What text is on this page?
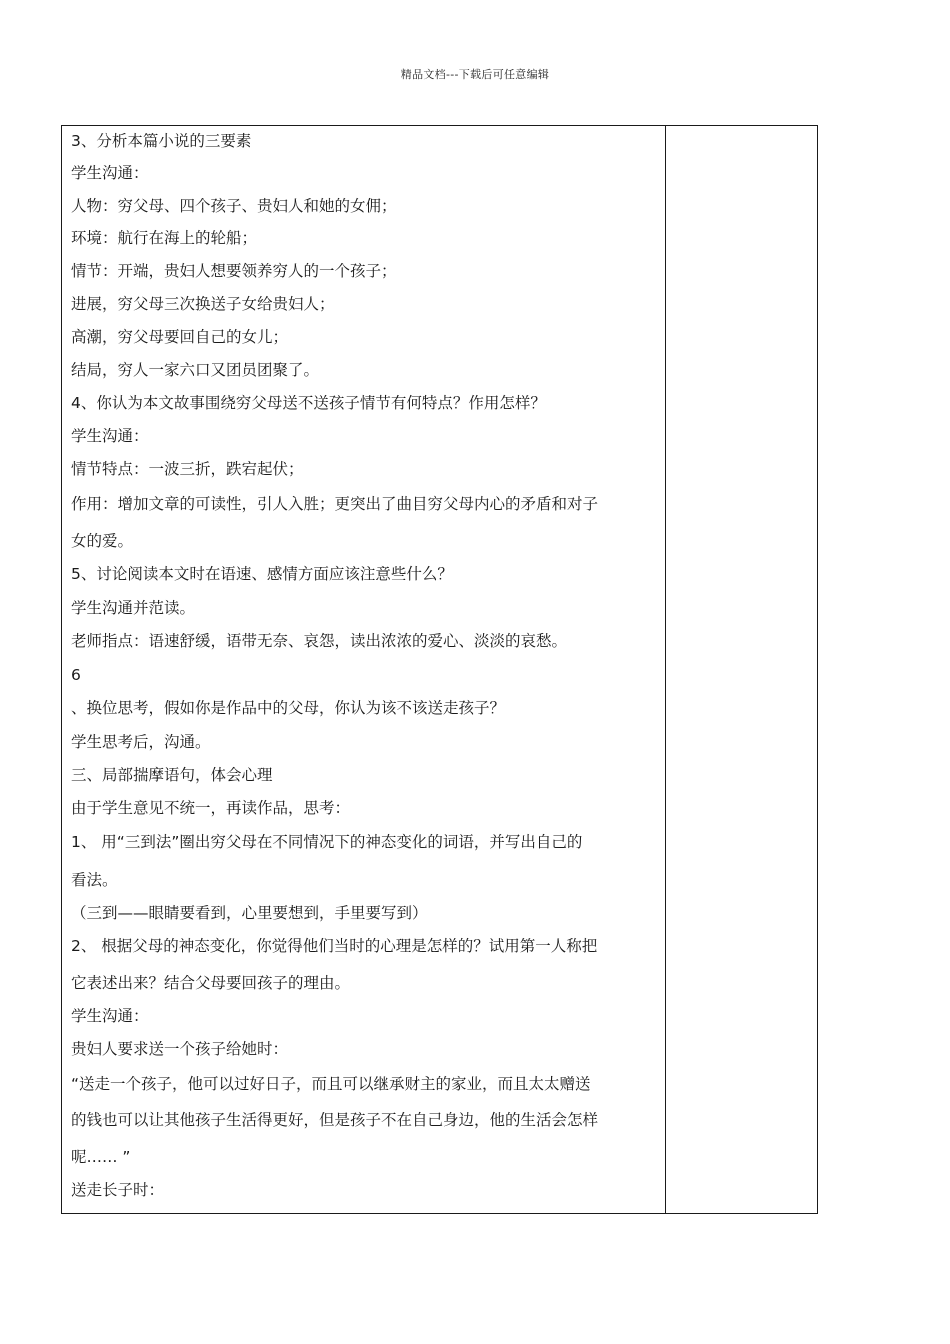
精品文档---下载后可任意编辑
3、分析本篇小说的三要素
学生沟通：
人物：穷父母、四个孩子、贵妇人和她的女佣；
环境：航行在海上的轮船；
情节：开端，贵妇人想要领养穷人的一个孩子；
进展，穷父母三次换送子女给贵妇人；
高潮，穷父母要回自己的女儿；
结局，穷人一家六口又团员团聚了。
4、你认为本文故事围绕穷父母送不送孩子情节有何特点？作用怎样？
学生沟通：
情节特点：一波三折，跌宕起伏；
作用：增加文章的可读性，引人入胜；更突出了曲目穷父母内心的矛盾和对子
女的爱。
5、讨论阅读本文时在语速、感情方面应该注意些什么？
学生沟通并范读。
老师指点：语速舒缓，语带无奈、哀怨，读出浓浓的爱心、淡淡的哀愁。
6
、换位思考，假如你是作品中的父母，你认为该不该送走孩子？
学生思考后，沟通。
三、局部揣摩语句，体会心理
由于学生意见不统一，再读作品，思考：
1、 用“三到法”圈出穷父母在不同情况下的神态变化的词语，并写出自己的
看法。
（三到——眼睛要看到，心里要想到，手里要写到）
2、 根据父母的神态变化，你觉得他们当时的心理是怎样的？试用第一人称把
它表述出来？结合父母要回孩子的理由。
学生沟通：
贵妇人要求送一个孩子给她时：
“送走一个孩子，他可以过好日子，而且可以继承财主的家业，而且太太赠送
的钱也可以让其他孩子生活得更好，但是孩子不在自己身边，他的生活会怎样
呢…… ”
送走长子时：
